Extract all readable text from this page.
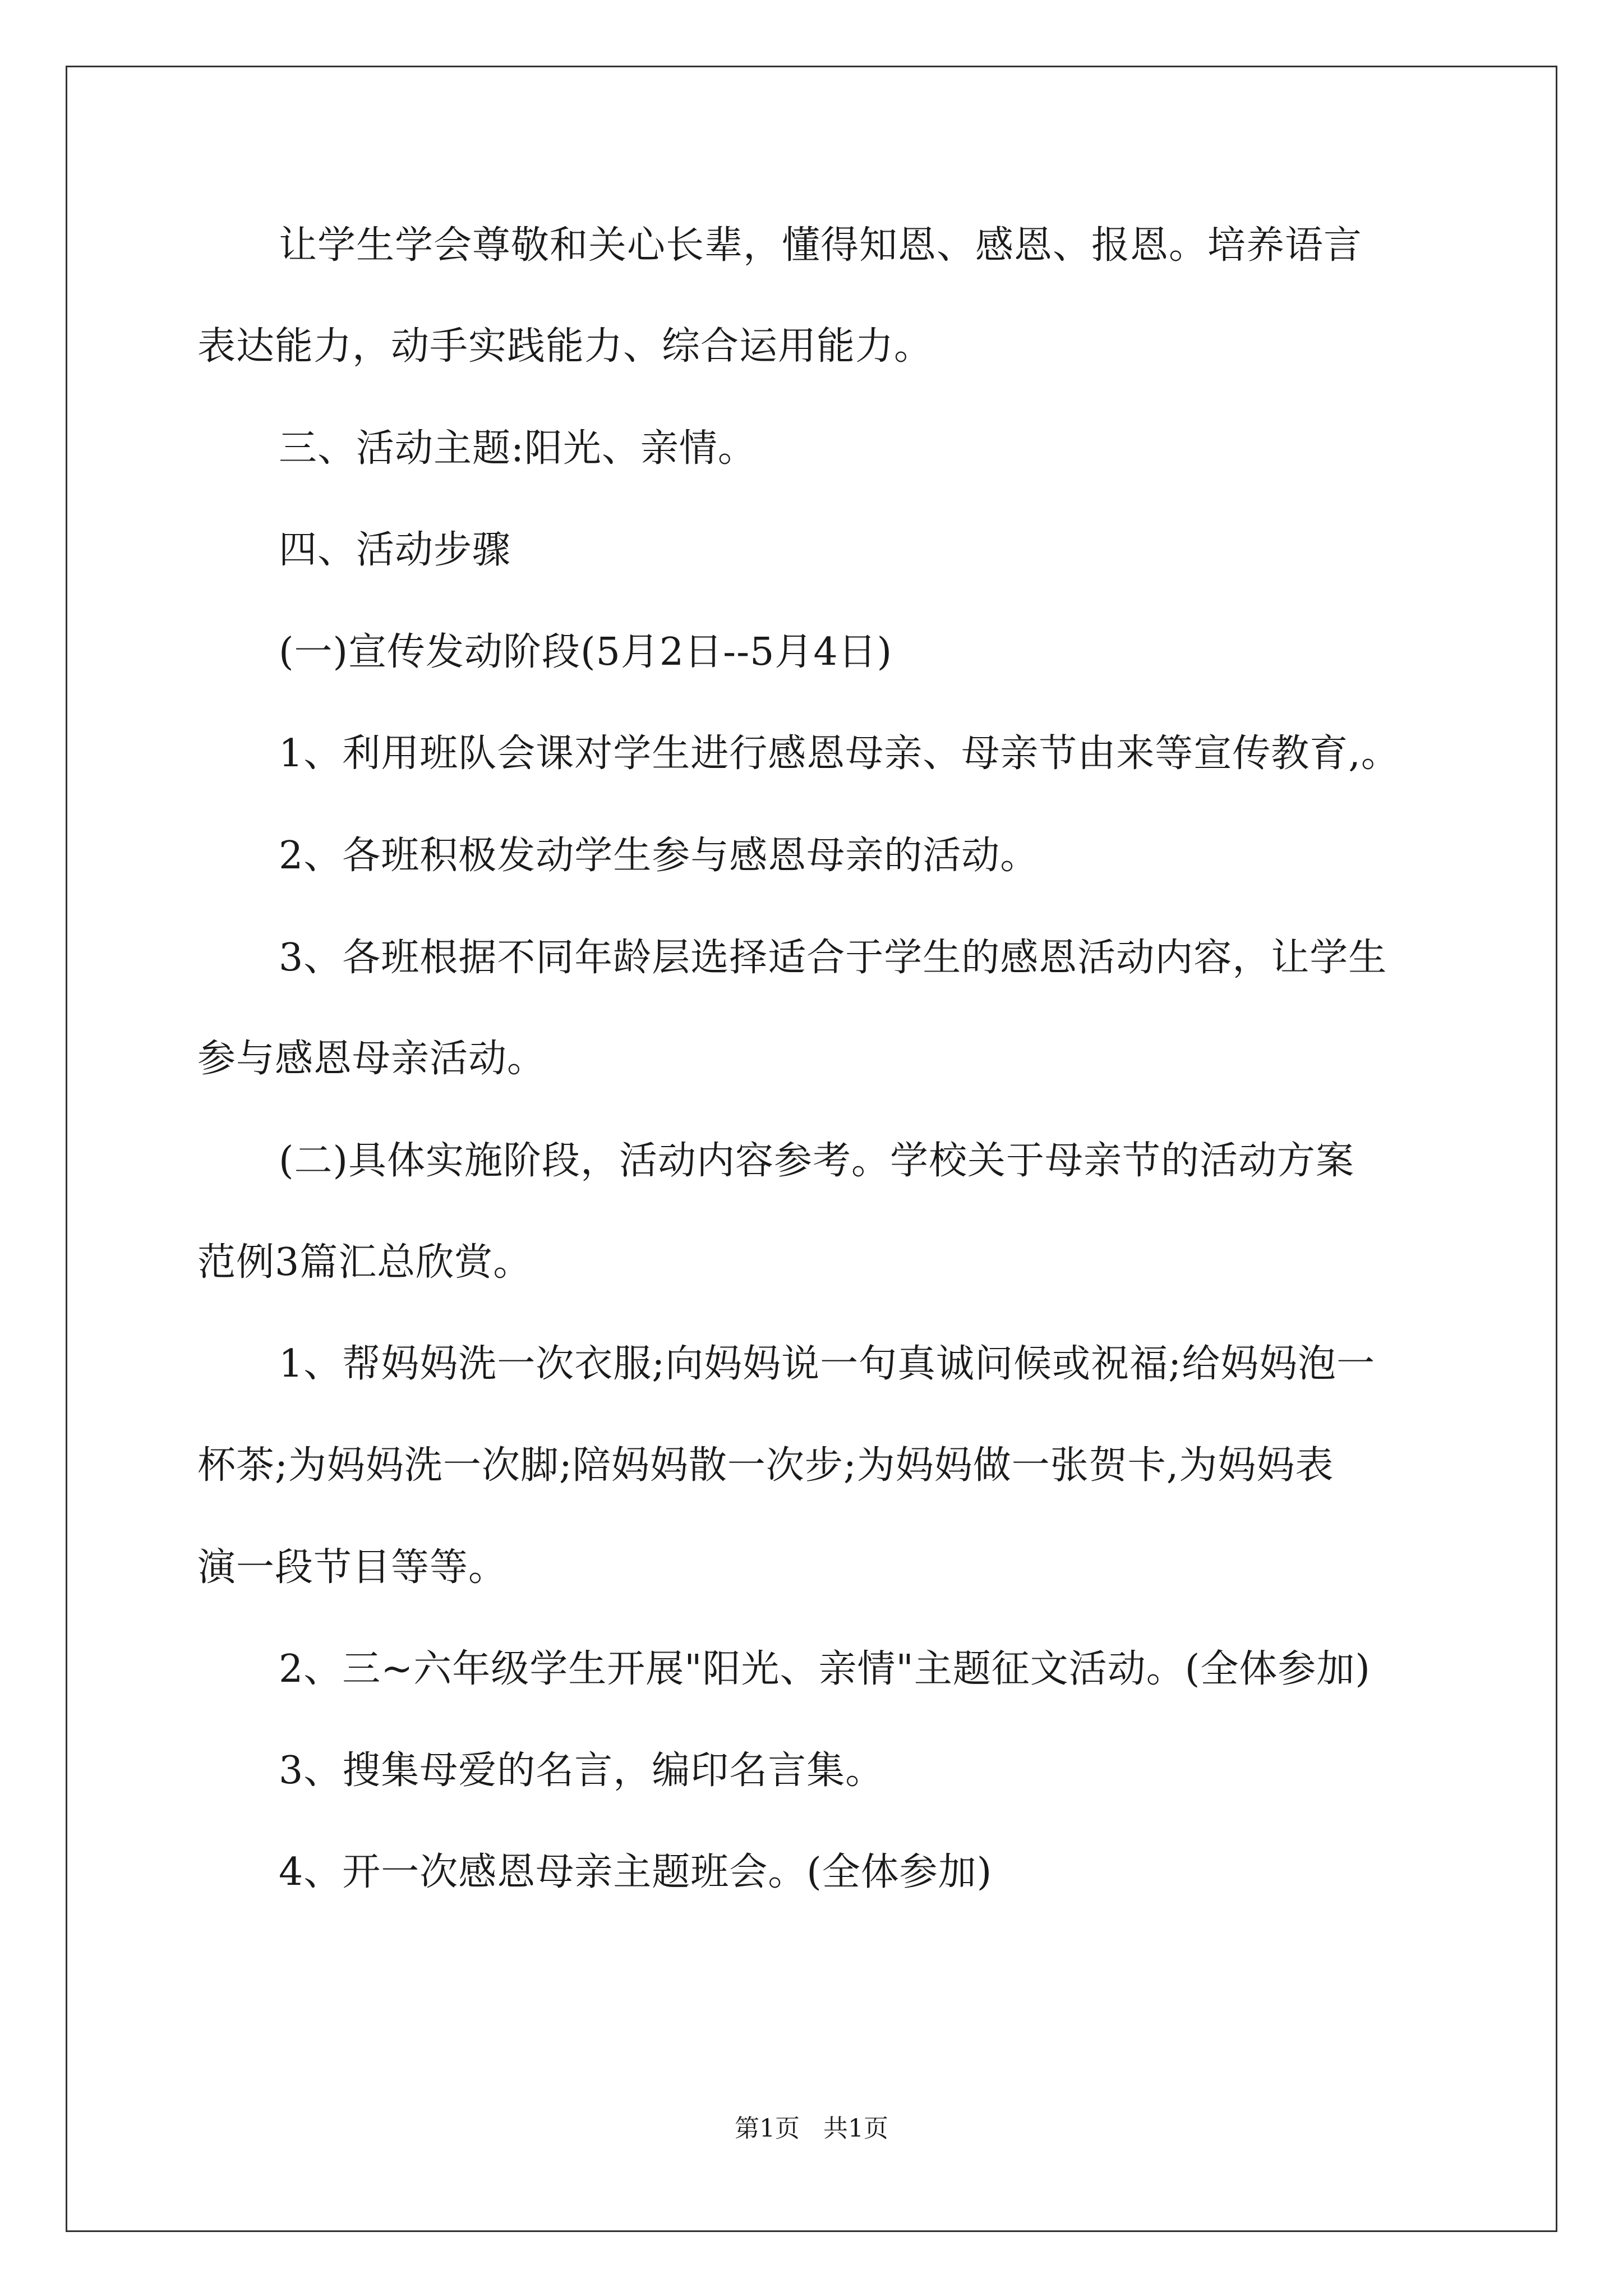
让学生学会尊敬和关心长辈，懂得知恩、感恩、报恩。培养语言
表达能力，动手实践能力、综合运用能力。
三、活动主题:阳光、亲情。
四、活动步骤
(一)宣传发动阶段(5月2日--5月4日)
1、利用班队会课对学生进行感恩母亲、母亲节由来等宣传教育,。
2、各班积极发动学生参与感恩母亲的活动。
3、各班根据不同年龄层选择适合于学生的感恩活动内容，让学生
参与感恩母亲活动。
(二)具体实施阶段，活动内容参考。学校关于母亲节的活动方案
范例3篇汇总欣赏。
1、帮妈妈洗一次衣服;向妈妈说一句真诚问候或祝福;给妈妈泡一
杯茶;为妈妈洗一次脚;陪妈妈散一次步;为妈妈做一张贺卡,为妈妈表
演一段节目等等。
2、三~六年级学生开展"阳光、亲情"主题征文活动。(全体参加)
3、搜集母爱的名言，编印名言集。
4、开一次感恩母亲主题班会。(全体参加)
第1页   共1页
